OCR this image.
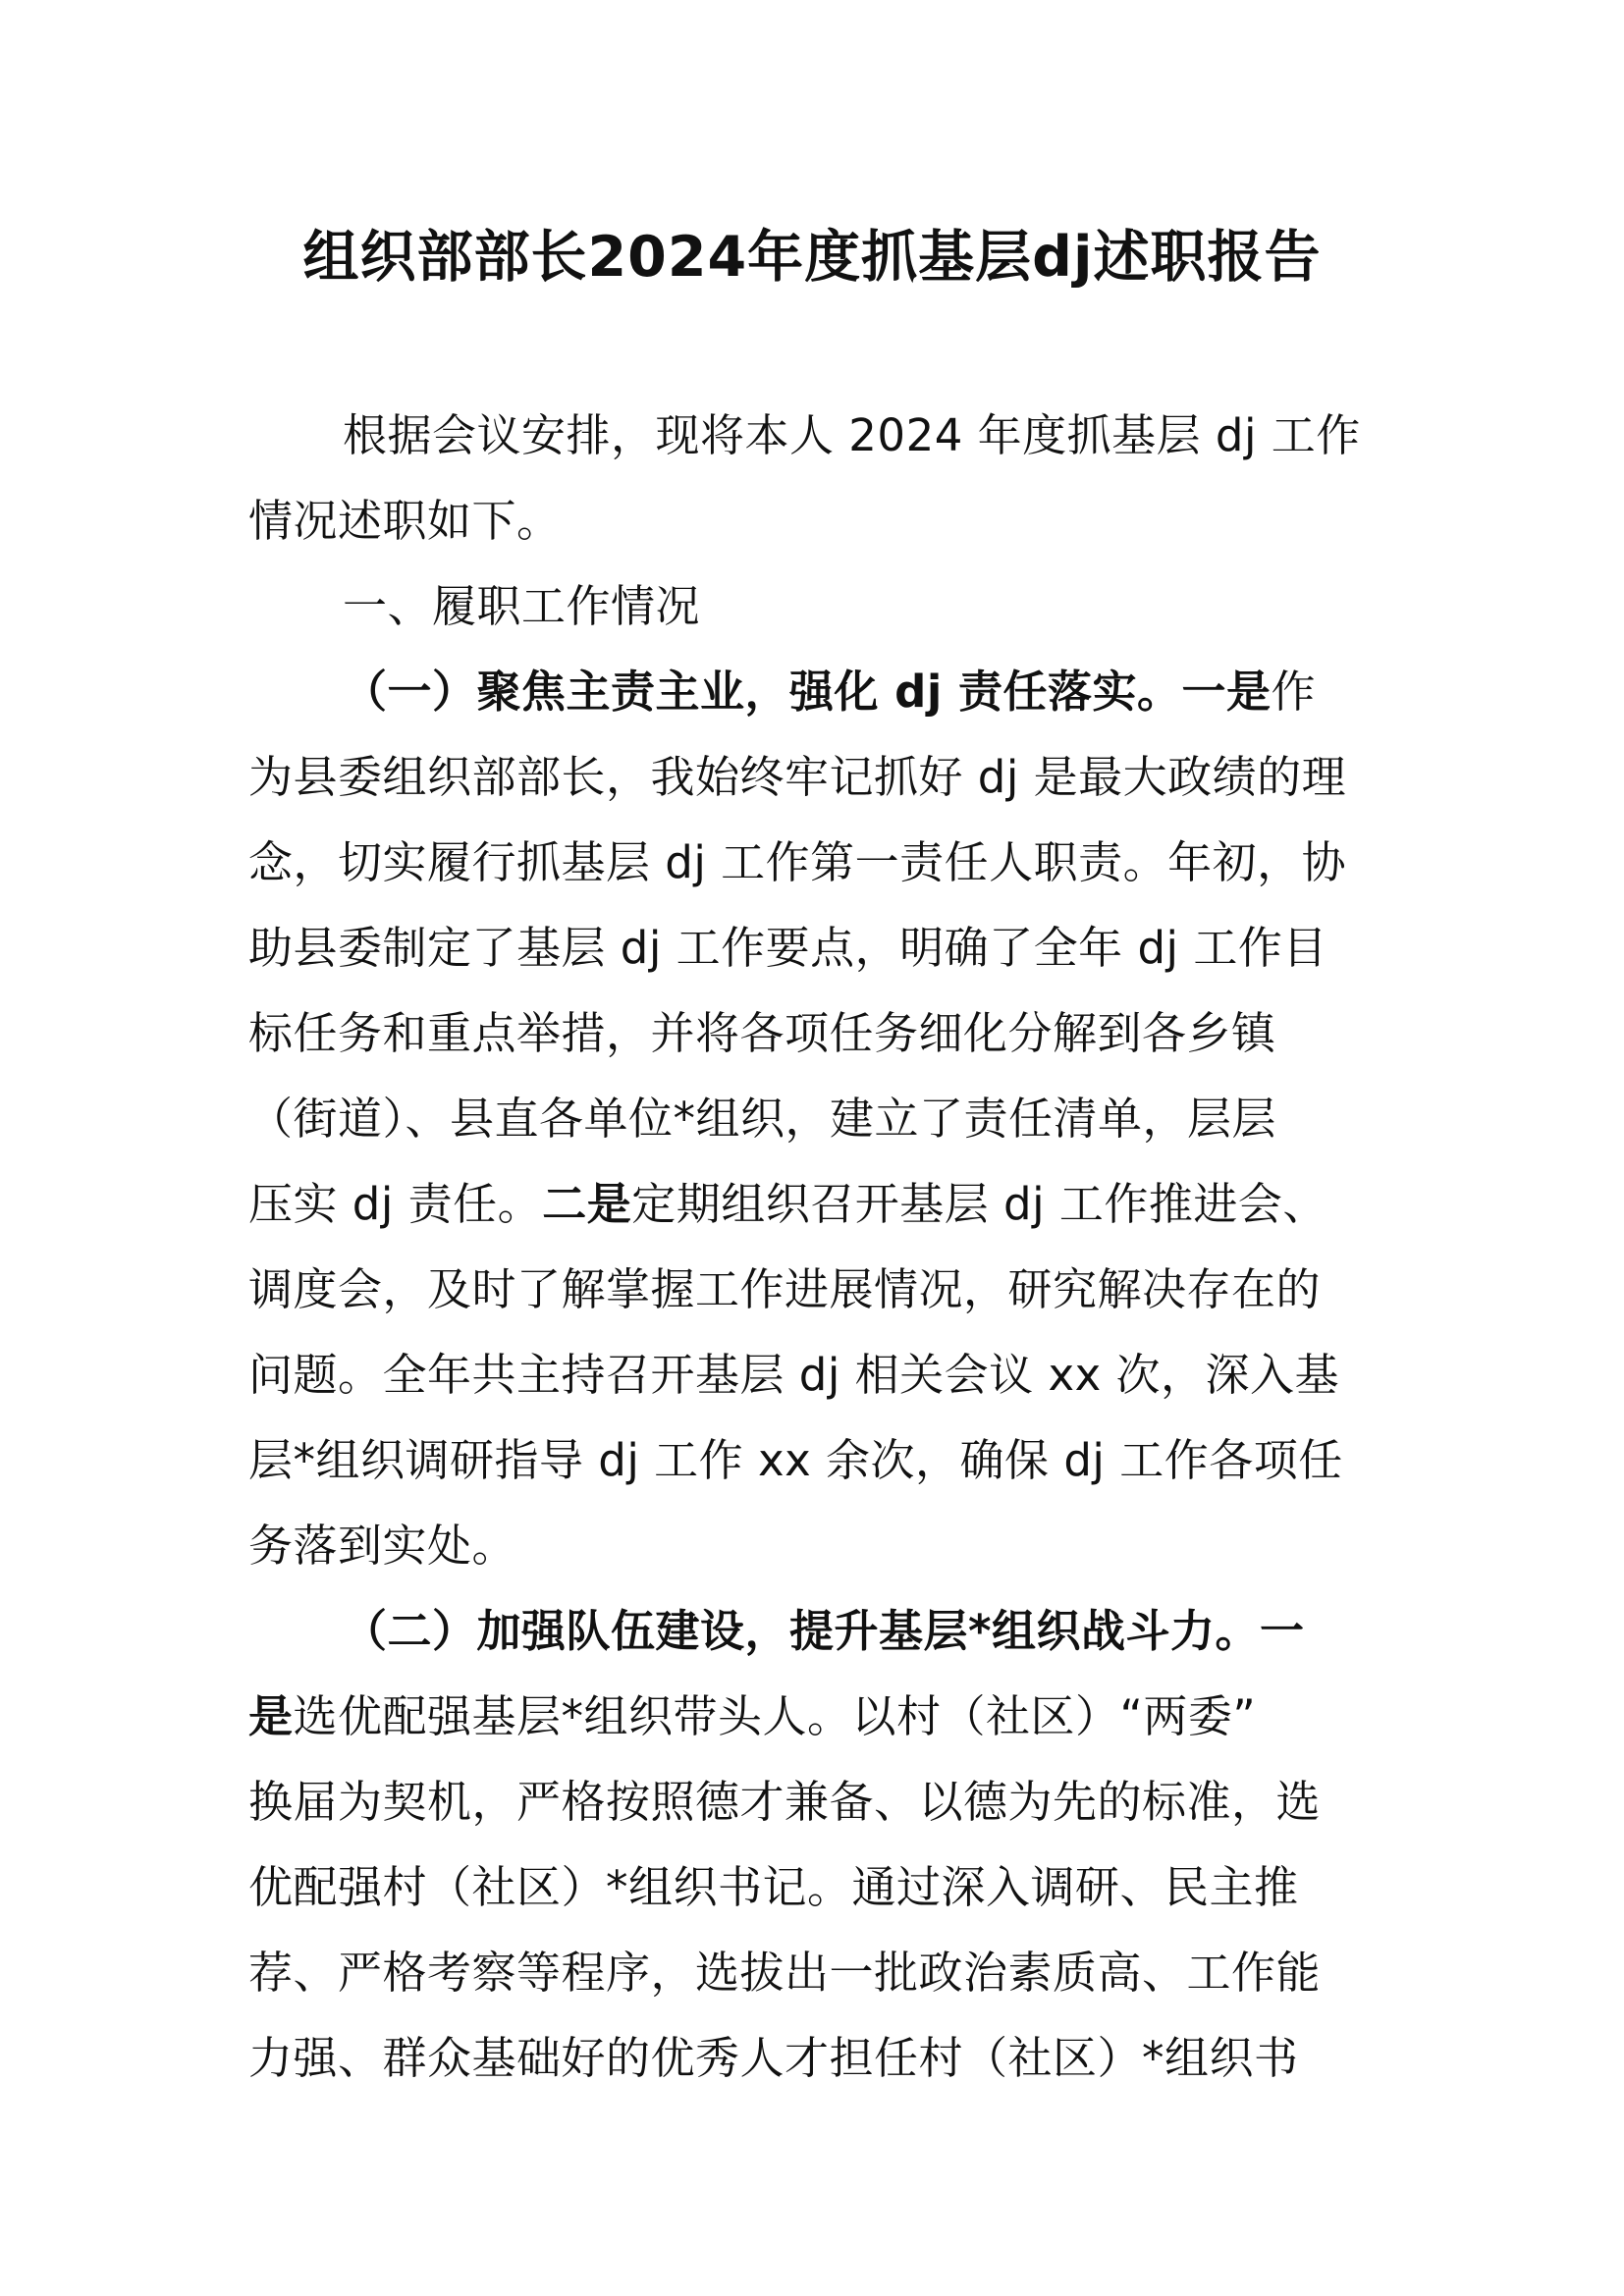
组织部部长2024年度抓基层dj述职报告
根据会议安排，现将本人 2024 年度抓基层 dj 工作
情况述职如下。
一、履职工作情况
（一）聚焦主责主业，强化 dj 责任落实。一是作
为县委组织部部长，我始终牢记抓好 dj 是最大政绩的理
念，切实履行抓基层 dj 工作第一责任人职责。年初，协
助县委制定了基层 dj 工作要点，明确了全年 dj 工作目
标任务和重点举措，并将各项任务细化分解到各乡镇
（街道）、县直各单位*组织，建立了责任清单，层层
压实 dj 责任。二是定期组织召开基层 dj 工作推进会、
调度会，及时了解掌握工作进展情况，研究解决存在的
问题。全年共主持召开基层 dj 相关会议 xx 次，深入基
层*组织调研指导 dj 工作 xx 余次，确保 dj 工作各项任
务落到实处。
（二）加强队伍建设，提升基层*组织战斗力。一
是选优配强基层*组织带头人。以村（社区）“两委”
换届为契机，严格按照德才兼备、以德为先的标准，选
优配强村（社区）*组织书记。通过深入调研、民主推
荐、严格考察等程序，选拔出一批政治素质高、工作能
力强、群众基础好的优秀人才担任村（社区）*组织书
